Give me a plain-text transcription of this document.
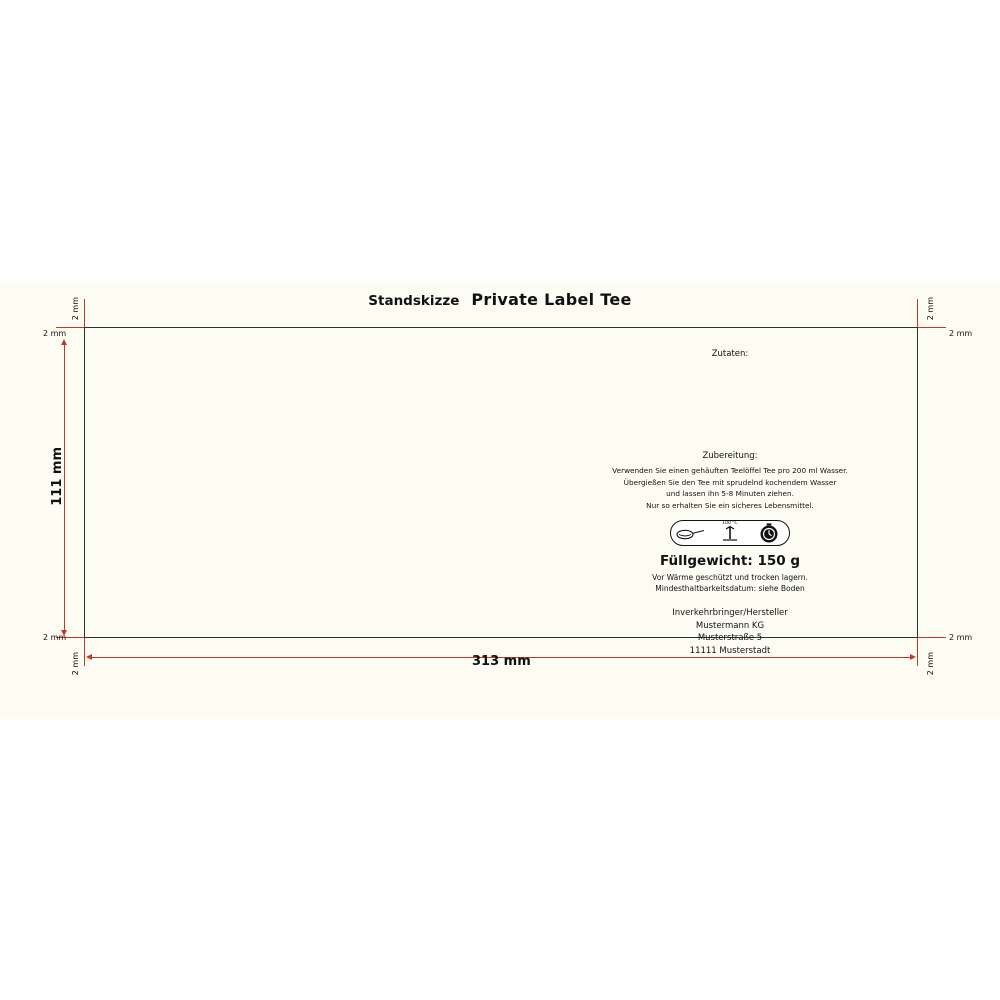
Standskizze Private Label Tee
2 mm
2 mm
2 mm
2 mm
2 mm
2 mm
2 mm
2 mm
111 mm
313 mm
Zutaten:
Zubereitung:
Verwenden Sie einen gehäuften Teelöffel Tee pro 200 ml Wasser.
Übergießen Sie den Tee mit sprudelnd kochendem Wasser
und lassen ihn 5-8 Minuten ziehen.
Nur so erhalten Sie ein sicheres Lebensmittel.
100 °C
Füllgewicht: 150 g
Vor Wärme geschützt und trocken lagern.
Mindesthaltbarkeitsdatum: siehe Boden
Inverkehrbringer/Hersteller
Mustermann KG
Musterstraße 5
11111 Musterstadt
